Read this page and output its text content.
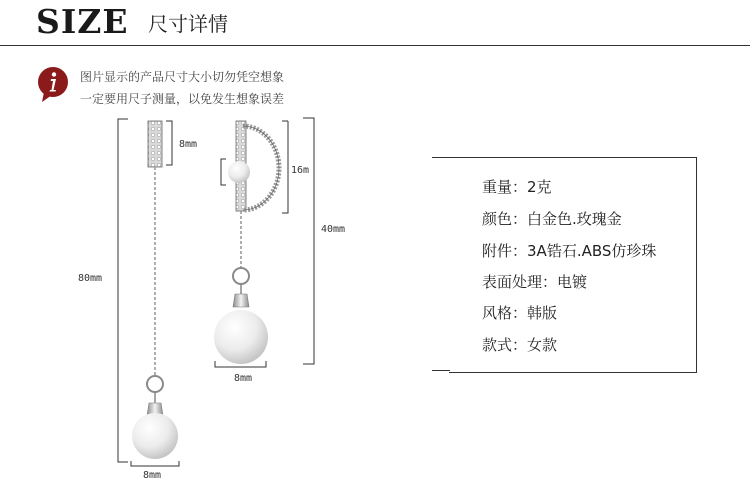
SIZE 尺寸详情
图片显示的产品尺寸大小切勿凭空想象
一定要用尺子测量，以免发生想象误差
8mm
80mm
8mm
16m
40mm
8mm
重量：2克
颜色：白金色.玫瑰金
附件：3A锆石.ABS仿珍珠
表面处理：电镀
风格：韩版
款式：女款
